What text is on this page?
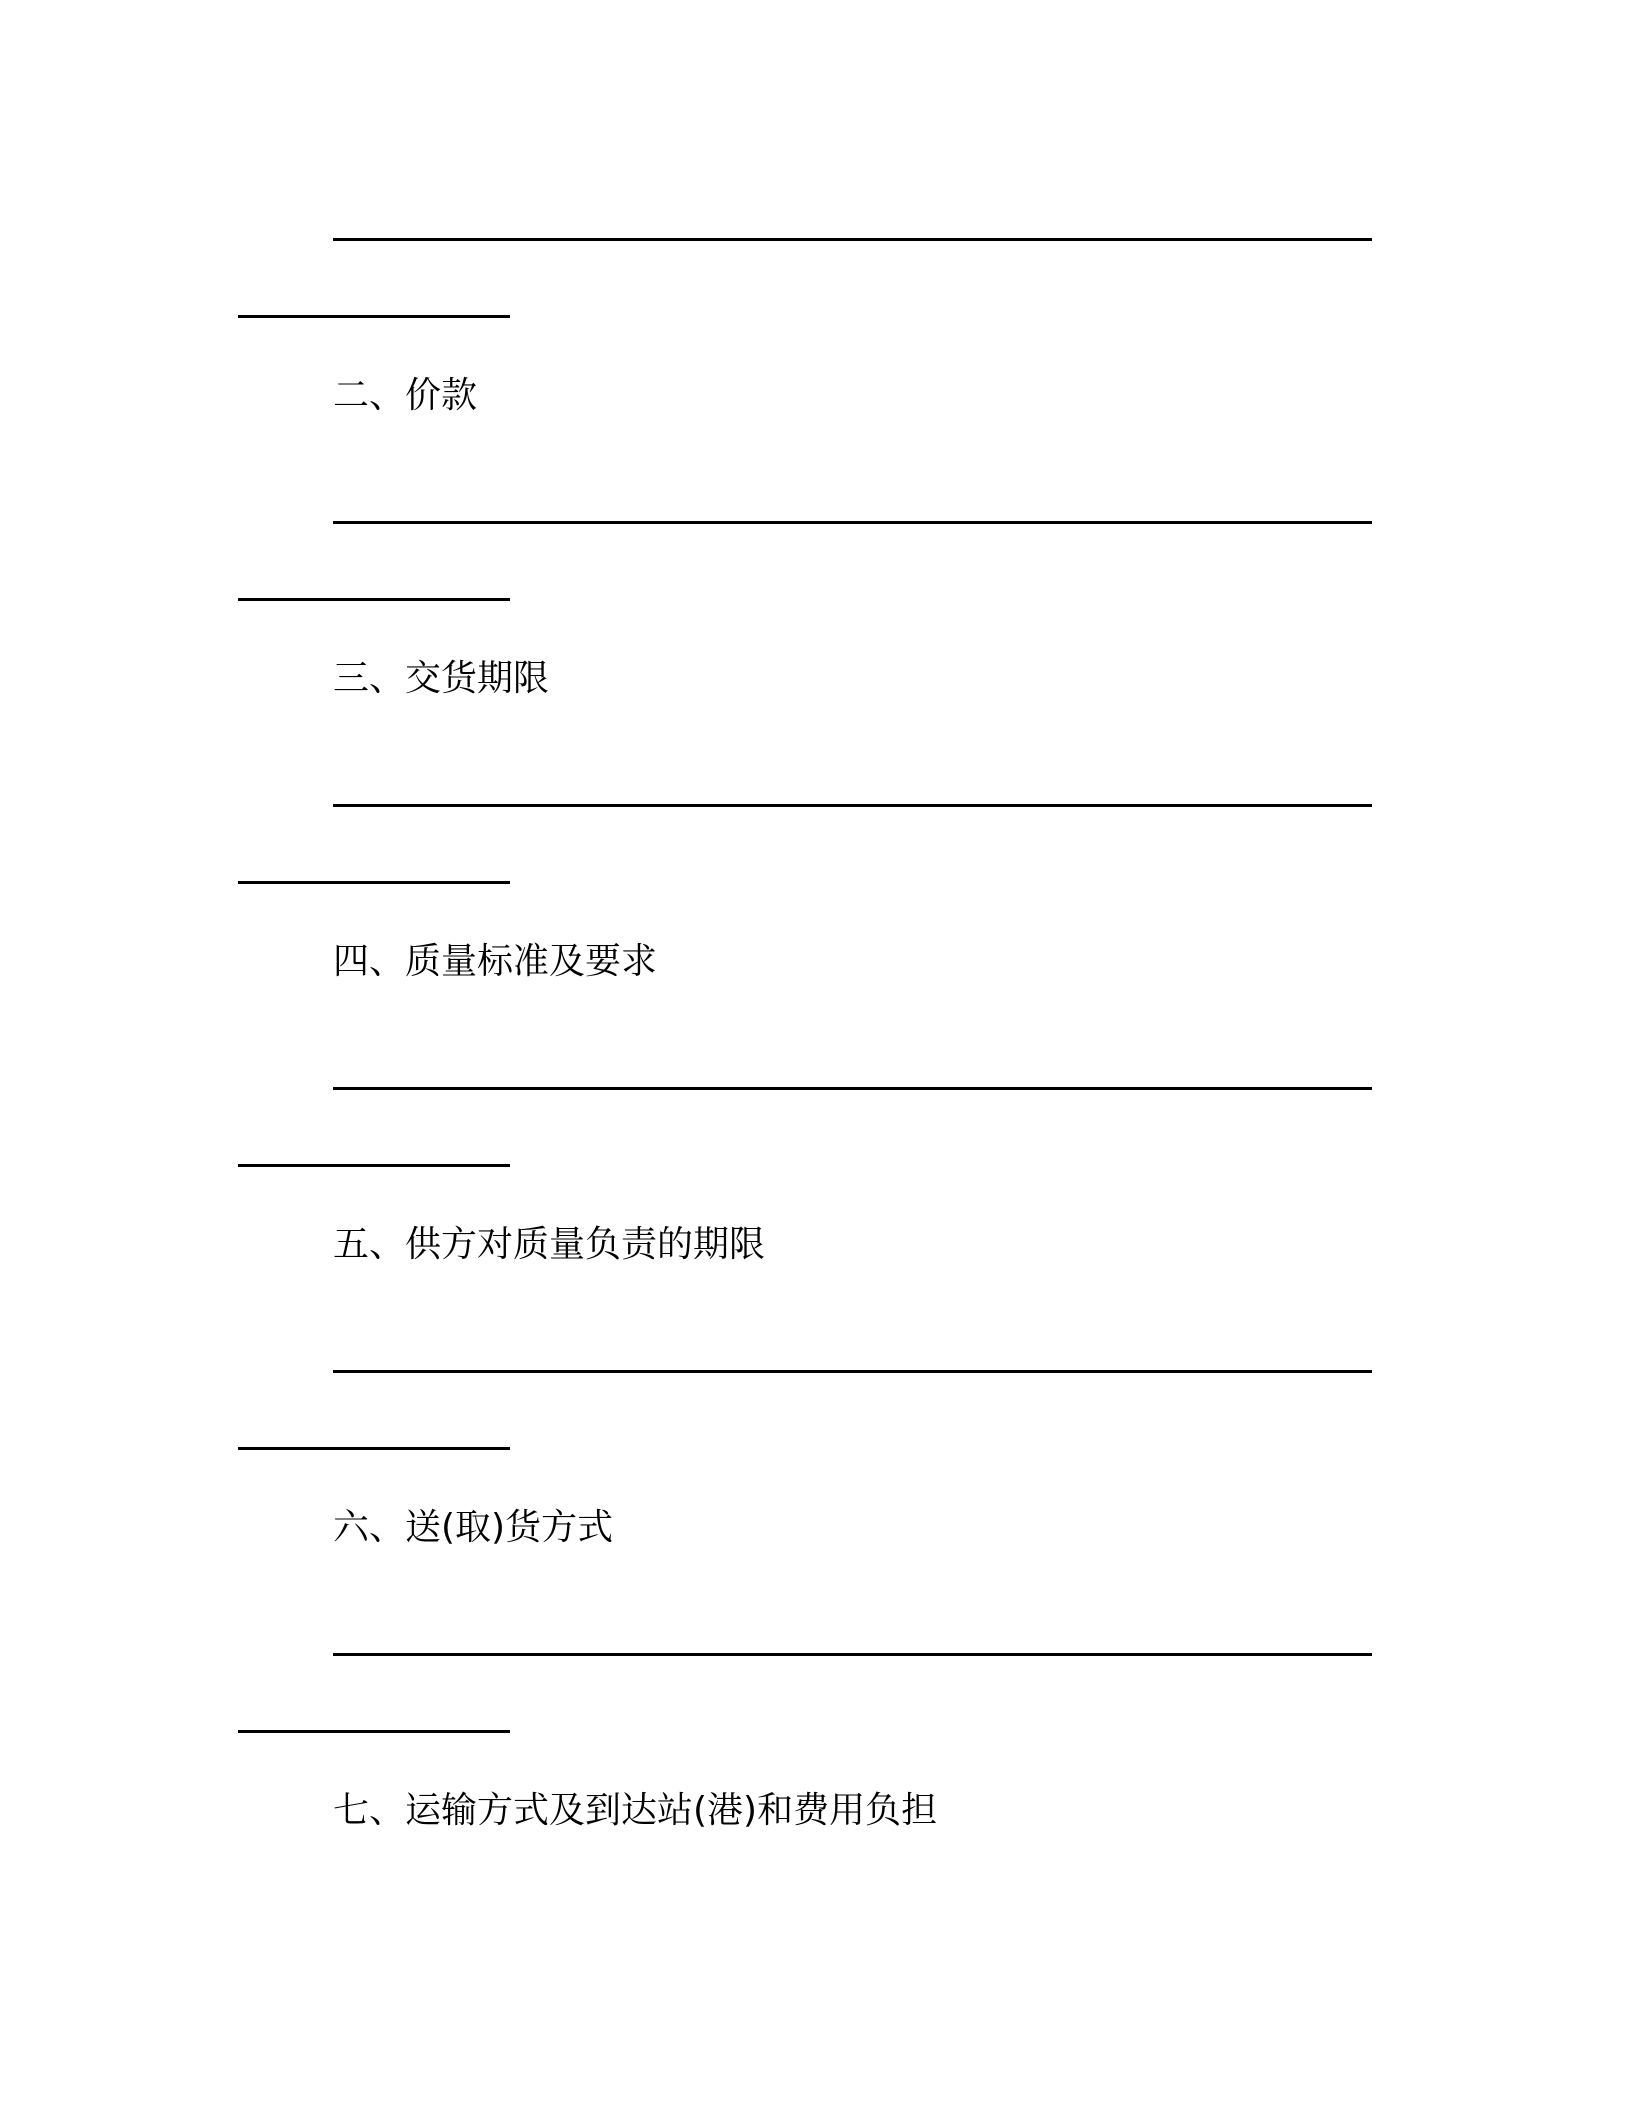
二、价款
三、交货期限
四、质量标准及要求
五、供方对质量负责的期限
六、送(取)货方式
七、运输方式及到达站(港)和费用负担
